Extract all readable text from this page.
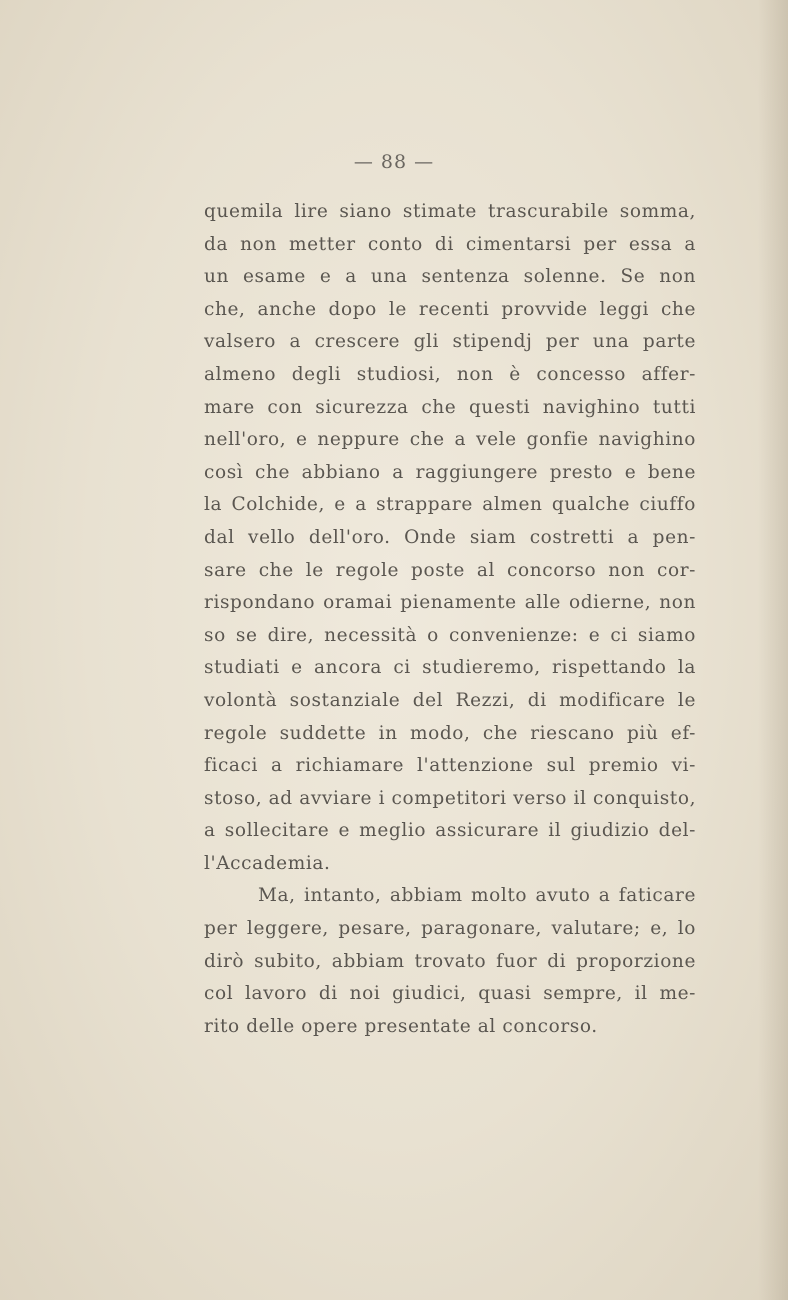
— 88 —
quemila lire siano stimate trascurabile somma,
da non metter conto di cimentarsi per essa a
un esame e a una sentenza solenne. Se non
che, anche dopo le recenti provvide leggi che
valsero a crescere gli stipendj per una parte
almeno degli studiosi, non è concesso affer-
mare con sicurezza che questi navighino tutti
nell'oro, e neppure che a vele gonfie navighino
così che abbiano a raggiungere presto e bene
la Colchide, e a strappare almen qualche ciuffo
dal vello dell'oro. Onde siam costretti a pen-
sare che le regole poste al concorso non cor-
rispondano oramai pienamente alle odierne, non
so se dire, necessità o convenienze: e ci siamo
studiati e ancora ci studieremo, rispettando la
volontà sostanziale del Rezzi, di modificare le
regole suddette in modo, che riescano più ef-
ficaci a richiamare l'attenzione sul premio vi-
stoso, ad avviare i competitori verso il conquisto,
a sollecitare e meglio assicurare il giudizio del-
l'Accademia.
Ma, intanto, abbiam molto avuto a faticare
per leggere, pesare, paragonare, valutare; e, lo
dirò subito, abbiam trovato fuor di proporzione
col lavoro di noi giudici, quasi sempre, il me-
rito delle opere presentate al concorso.
